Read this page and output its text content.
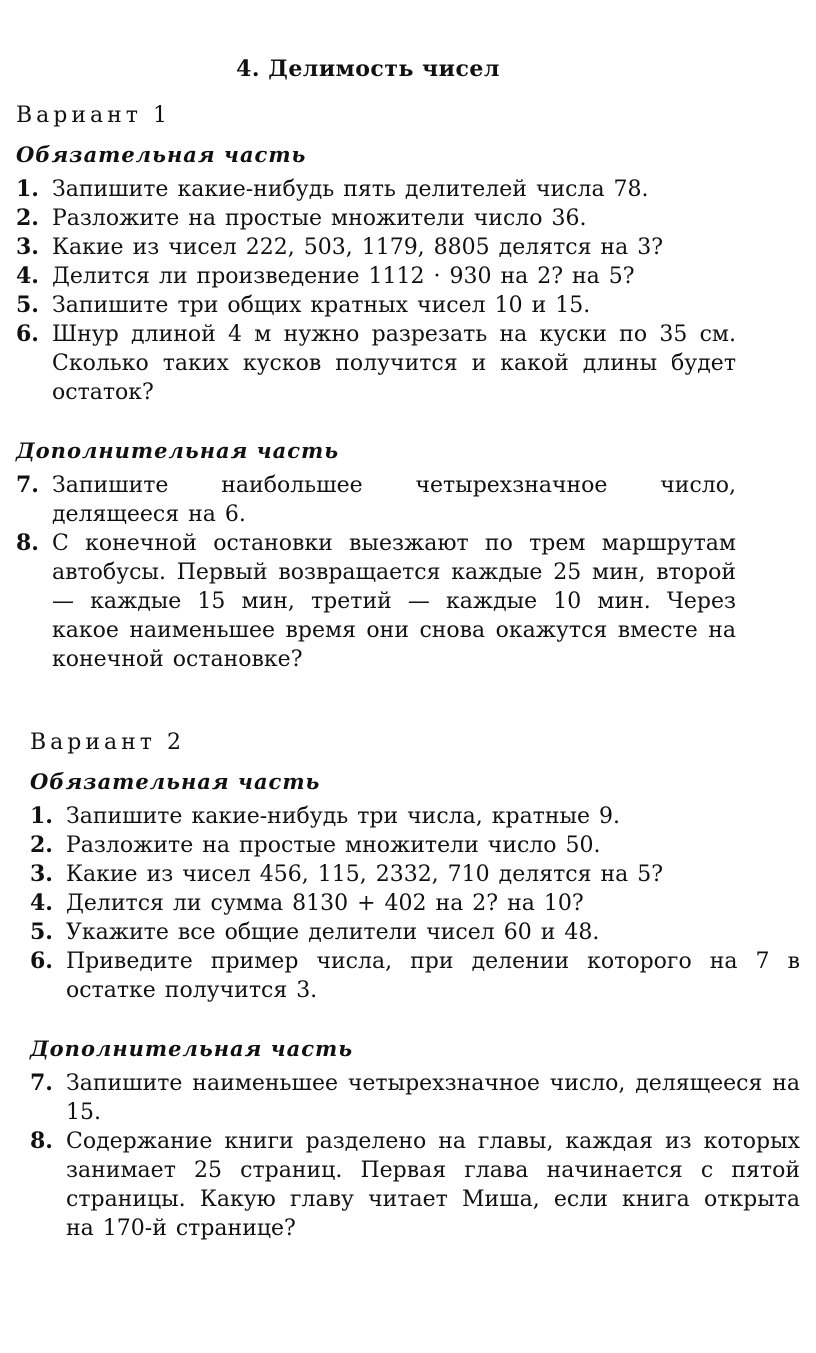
4. Делимость чисел
Вариант 1
Обязательная часть
1. Запишите какие-нибудь пять делителей числа 78.
2. Разложите на простые множители число 36.
3. Какие из чисел 222, 503, 1179, 8805 делятся на 3?
4. Делится ли произведение 1112 · 930 на 2? на 5?
5. Запишите три общих кратных чисел 10 и 15.
6. Шнур длиной 4 м нужно разрезать на куски по 35 см. Сколько таких кусков получится и какой длины будет остаток?
Дополнительная часть
7. Запишите наибольшее четырехзначное число, делящееся на 6.
8. С конечной остановки выезжают по трем маршрутам автобусы. Первый возвращается каждые 25 мин, второй — каждые 15 мин, третий — каждые 10 мин. Через какое наименьшее время они снова окажутся вместе на конечной остановке?
Вариант 2
Обязательная часть
1. Запишите какие-нибудь три числа, кратные 9.
2. Разложите на простые множители число 50.
3. Какие из чисел 456, 115, 2332, 710 делятся на 5?
4. Делится ли сумма 8130 + 402 на 2? на 10?
5. Укажите все общие делители чисел 60 и 48.
6. Приведите пример числа, при делении которого на 7 в остатке получится 3.
Дополнительная часть
7. Запишите наименьшее четырехзначное число, делящееся на 15.
8. Содержание книги разделено на главы, каждая из которых занимает 25 страниц. Первая глава начинается с пятой страницы. Какую главу читает Миша, если книга открыта на 170-й странице?
